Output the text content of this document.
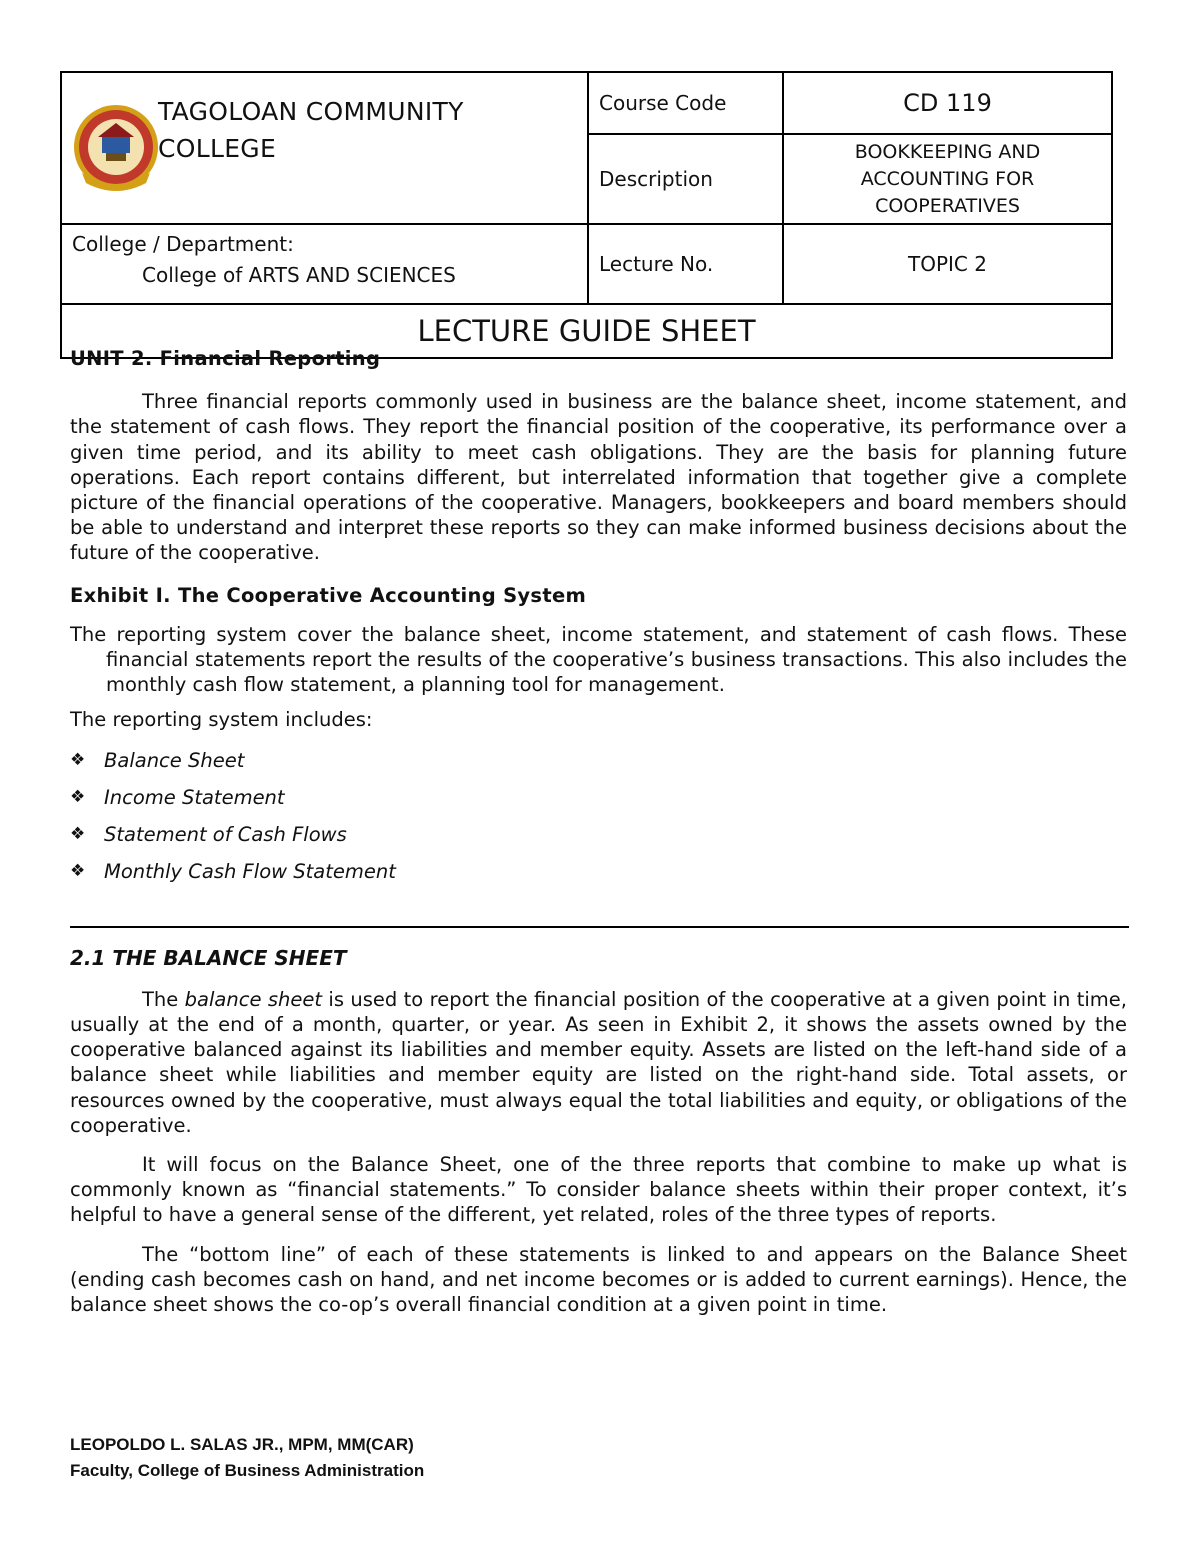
TAGOLOAN COMMUNITY COLLEGE	Course Code	CD 119
	Description	BOOKKEEPING AND ACCOUNTING FOR COOPERATIVES

College / Department:
College of ARTS AND SCIENCES	Lecture No.	TOPIC 2
LECTURE GUIDE SHEET		

UNIT 2. Financial Reporting

Three financial reports commonly used in business are the balance sheet, income statement, and the statement of cash flows. They report the financial position of the cooperative, its performance over a given time period, and its ability to meet cash obligations. They are the basis for planning future operations. Each report contains different, but interrelated information that together give a complete picture of the financial operations of the cooperative. Managers, bookkeepers and board members should be able to understand and interpret these reports so they can make informed business decisions about the future of the cooperative.

Exhibit I. The Cooperative Accounting System

The reporting system cover the balance sheet, income statement, and statement of cash flows. These financial statements report the results of the cooperative’s business transactions. This also includes the monthly cash flow statement, a planning tool for management.

The reporting system includes:

❖ Balance Sheet
❖ Income Statement
❖ Statement of Cash Flows
❖ Monthly Cash Flow Statement

2.1 THE BALANCE SHEET

The balance sheet is used to report the financial position of the cooperative at a given point in time, usually at the end of a month, quarter, or year. As seen in Exhibit 2, it shows the assets owned by the cooperative balanced against its liabilities and member equity. Assets are listed on the left-hand side of a balance sheet while liabilities and member equity are listed on the right-hand side. Total assets, or resources owned by the cooperative, must always equal the total liabilities and equity, or obligations of the cooperative.

It will focus on the Balance Sheet, one of the three reports that combine to make up what is commonly known as “financial statements.” To consider balance sheets within their proper context, it’s helpful to have a general sense of the different, yet related, roles of the three types of reports.

The “bottom line” of each of these statements is linked to and appears on the Balance Sheet (ending cash becomes cash on hand, and net income becomes or is added to current earnings). Hence, the balance sheet shows the co-op’s overall financial condition at a given point in time.

LEOPOLDO L. SALAS JR., MPM, MM(CAR)
Faculty, College of Business Administration
